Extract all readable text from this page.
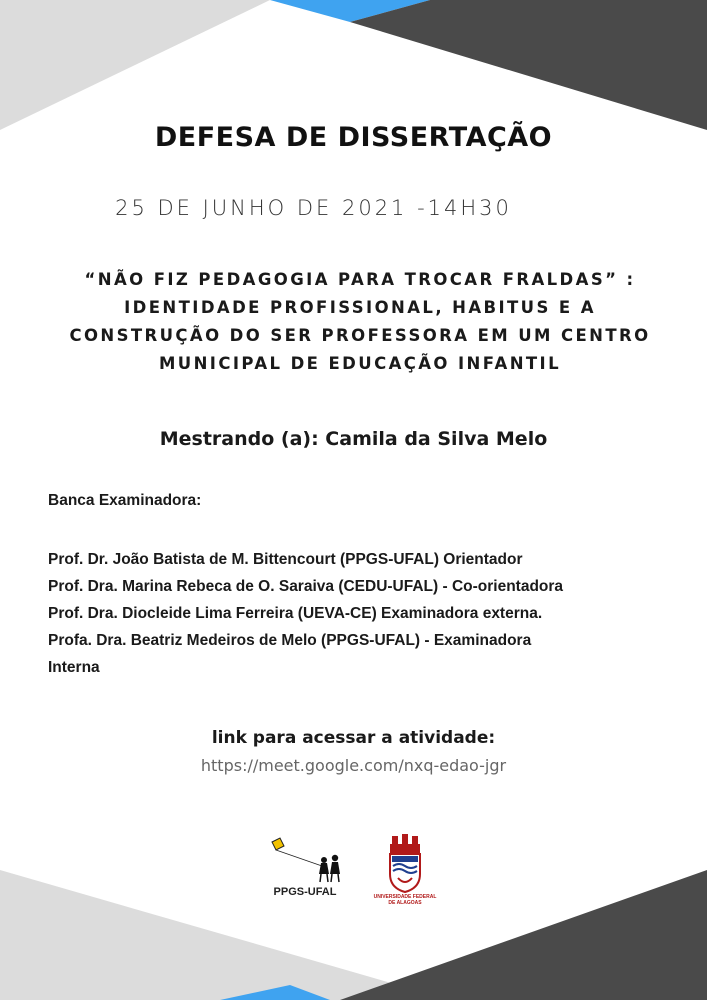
DEFESA DE DISSERTAÇÃO
25 DE JUNHO DE 2021 -14H30
“NÃO FIZ PEDAGOGIA PARA TROCAR FRALDAS” :
IDENTIDADE PROFISSIONAL, HABITUS E A
CONSTRUÇÃO DO SER PROFESSORA EM UM CENTRO
MUNICIPAL DE EDUCAÇÃO INFANTIL
Mestrando (a): Camila da Silva Melo
Banca Examinadora:
Prof. Dr. João Batista de M. Bittencourt (PPGS-UFAL) Orientador
Prof. Dra. Marina Rebeca de O. Saraiva (CEDU-UFAL) - Co-orientadora
Prof. Dra. Diocleide Lima Ferreira (UEVA-CE) Examinadora externa.
Profa. Dra. Beatriz Medeiros de Melo (PPGS-UFAL) - Examinadora
Interna
link para acessar a atividade:
https://meet.google.com/nxq-edao-jgr
PPGS-UFAL	UNIVERSIDADE FEDERAL
DE ALAGOAS
